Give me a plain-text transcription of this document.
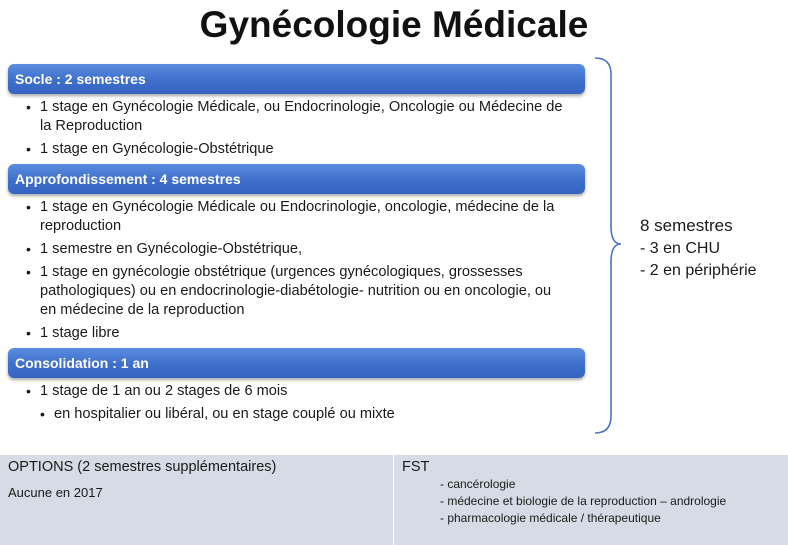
Gynécologie Médicale
Socle : 2 semestres
• 1 stage en Gynécologie Médicale, ou Endocrinologie, Oncologie ou Médecine de la Reproduction
• 1 stage en Gynécologie-Obstétrique
Approfondissement : 4 semestres
• 1 stage en Gynécologie Médicale ou Endocrinologie, oncologie, médecine de la reproduction
• 1 semestre en Gynécologie-Obstétrique,
• 1 stage en gynécologie obstétrique (urgences gynécologiques, grossesses pathologiques) ou en endocrinologie-diabétologie- nutrition ou en oncologie, ou en médecine de la reproduction
• 1 stage libre
Consolidation : 1 an
• 1 stage de 1 an ou 2 stages de 6 mois
• en hospitalier ou libéral, ou en stage couplé ou mixte
8 semestres
- 3 en CHU
- 2 en périphérie
OPTIONS (2 semestres supplémentaires)
Aucune en 2017
FST
- cancérologie
- médecine et biologie de la reproduction – andrologie
- pharmacologie médicale / thérapeutique
